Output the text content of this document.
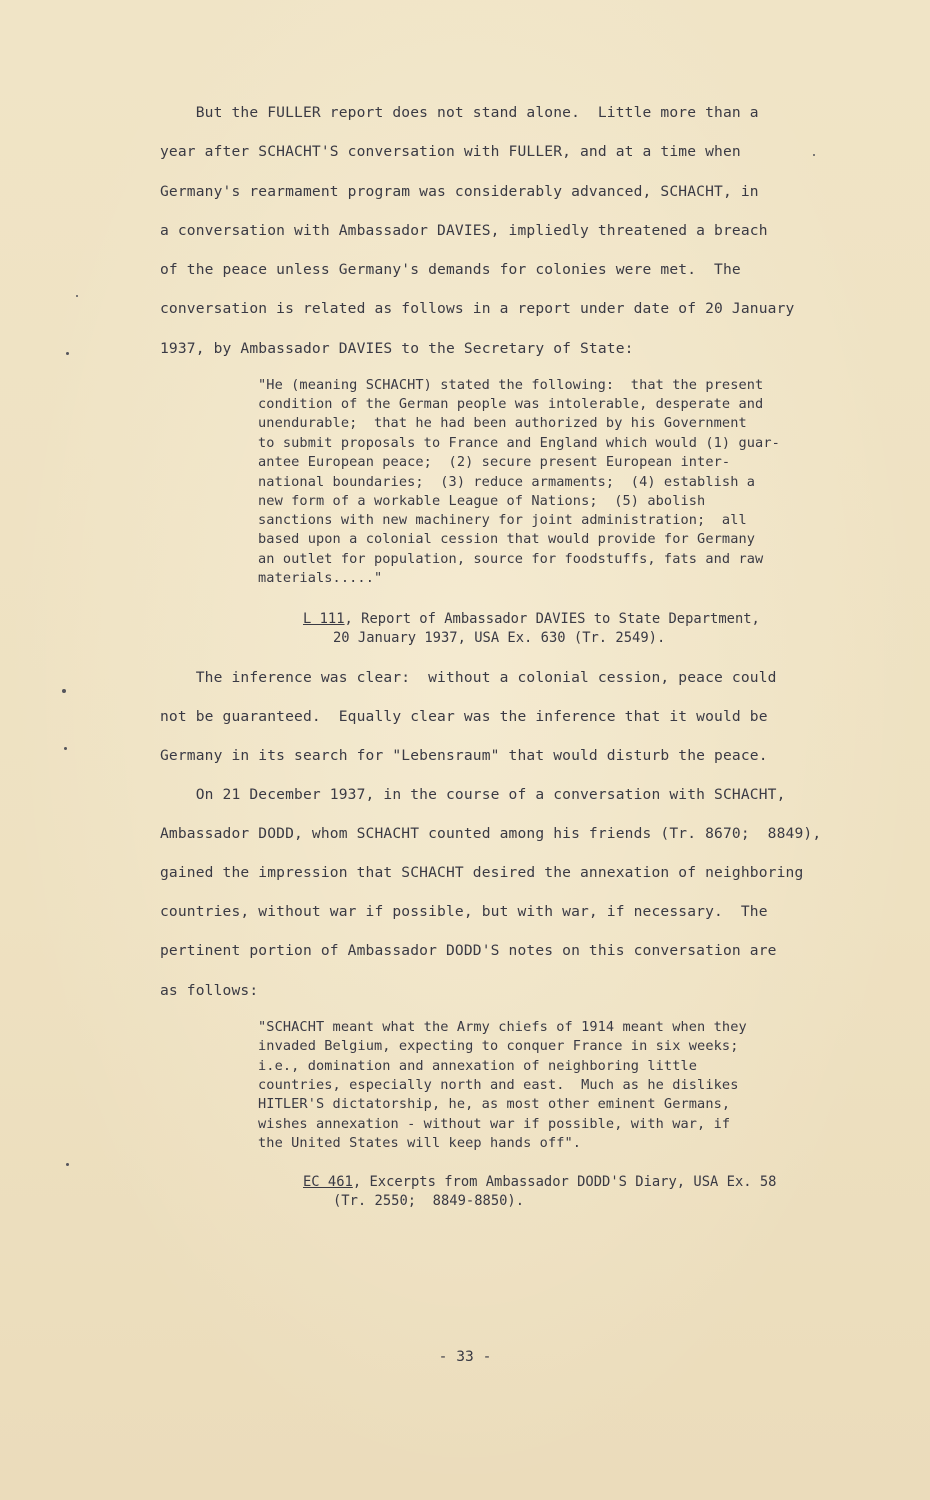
But the FULLER report does not stand alone.  Little more than a
year after SCHACHT'S conversation with FULLER, and at a time when
Germany's rearmament program was considerably advanced, SCHACHT, in
a conversation with Ambassador DAVIES, impliedly threatened a breach
of the peace unless Germany's demands for colonies were met.  The
conversation is related as follows in a report under date of 20 January
1937, by Ambassador DAVIES to the Secretary of State:
"He (meaning SCHACHT) stated the following:  that the present
condition of the German people was intolerable, desperate and
unendurable;  that he had been authorized by his Government
to submit proposals to France and England which would (1) guar-
antee European peace;  (2) secure present European inter-
national boundaries;  (3) reduce armaments;  (4) establish a
new form of a workable League of Nations;  (5) abolish
sanctions with new machinery for joint administration;  all
based upon a colonial cession that would provide for Germany
an outlet for population, source for foodstuffs, fats and raw
materials....."
L 111, Report of Ambassador DAVIES to State Department,
20 January 1937, USA Ex. 630 (Tr. 2549).
The inference was clear:  without a colonial cession, peace could
not be guaranteed.  Equally clear was the inference that it would be
Germany in its search for "Lebensraum" that would disturb the peace.
On 21 December 1937, in the course of a conversation with SCHACHT,
Ambassador DODD, whom SCHACHT counted among his friends (Tr. 8670;  8849),
gained the impression that SCHACHT desired the annexation of neighboring
countries, without war if possible, but with war, if necessary.  The
pertinent portion of Ambassador DODD'S notes on this conversation are
as follows:
"SCHACHT meant what the Army chiefs of 1914 meant when they
invaded Belgium, expecting to conquer France in six weeks;
i.e., domination and annexation of neighboring little
countries, especially north and east.  Much as he dislikes
HITLER'S dictatorship, he, as most other eminent Germans,
wishes annexation - without war if possible, with war, if
the United States will keep hands off".
EC 461, Excerpts from Ambassador DODD'S Diary, USA Ex. 58
(Tr. 2550;  8849-8850).
- 33 -
